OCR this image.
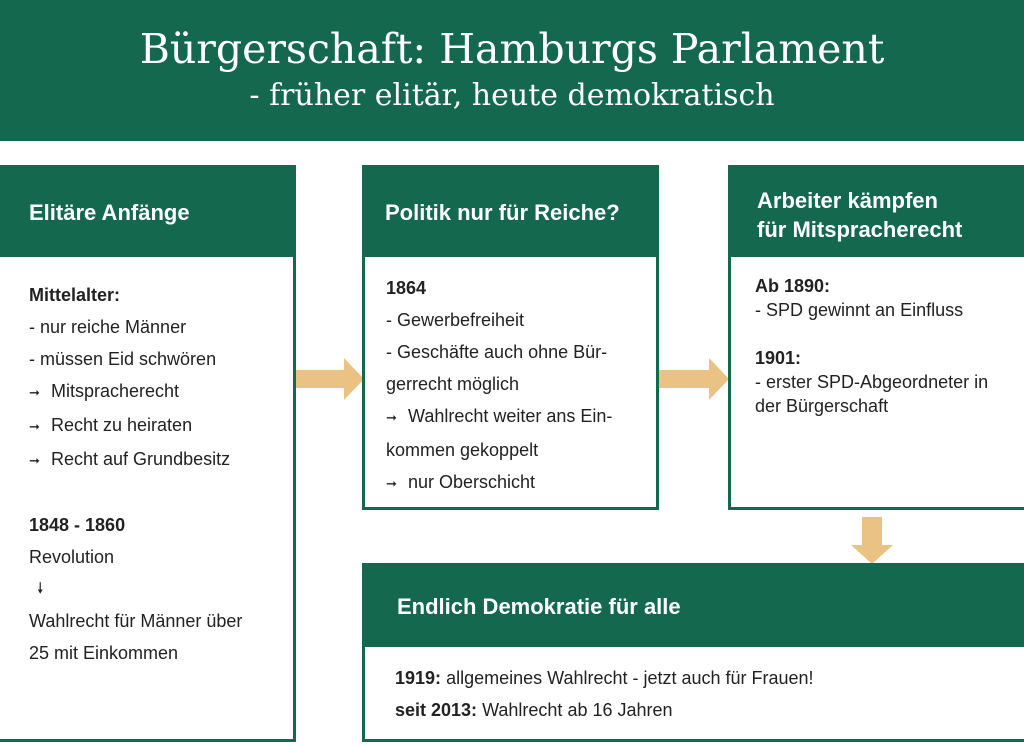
Bürgerschaft: Hamburgs Parlament
- früher elitär, heute demokratisch
Elitäre Anfänge
Mittelalter:
- nur reiche Männer
- müssen Eid schwören
➞ Mitspracherecht
➞ Recht zu heiraten
➞ Recht auf Grundbesitz
1848 - 1860
Revolution
🠗
Wahlrecht für Männer über
25 mit Einkommen
Politik nur für Reiche?
1864
- Gewerbefreiheit
- Geschäfte auch ohne Bür-
gerrecht möglich
➞ Wahlrecht weiter ans Ein-
kommen gekoppelt
➞ nur Oberschicht
Arbeiter kämpfen
für Mitspracherecht
Ab 1890:
- SPD gewinnt an Einfluss
1901:
- erster SPD-Abgeordneter in
der Bürgerschaft
Endlich Demokratie für alle
1919: allgemeines Wahlrecht - jetzt auch für Frauen!
seit 2013: Wahlrecht ab 16 Jahren
